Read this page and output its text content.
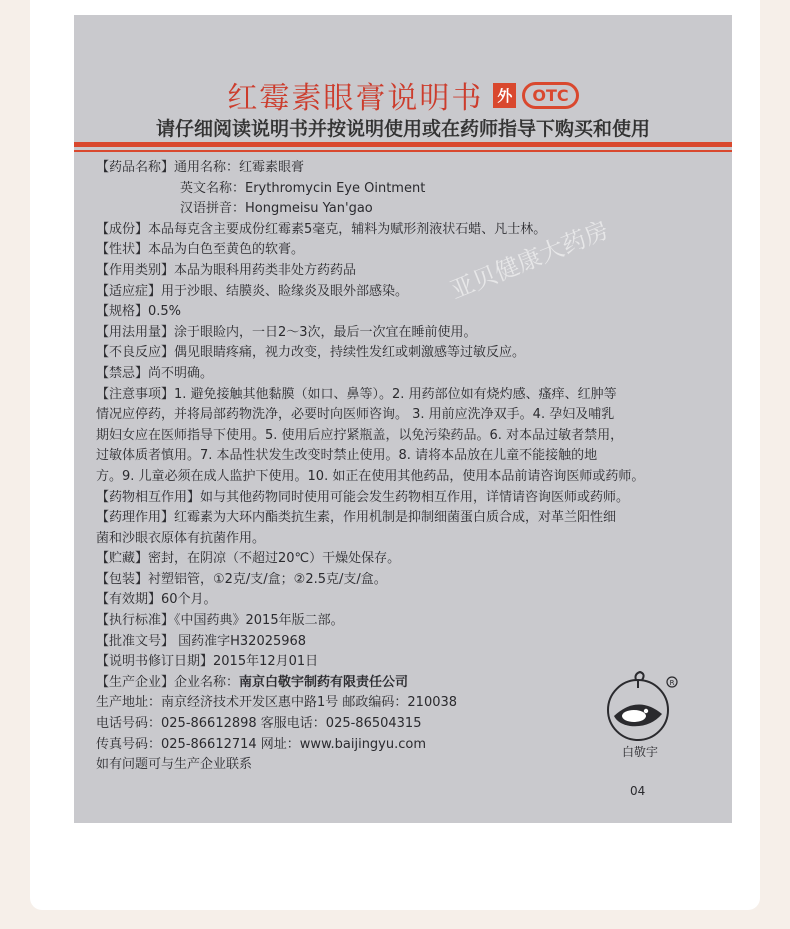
红霉素眼膏说明书 外 OTC
请仔细阅读说明书并按说明使用或在药师指导下购买和使用
亚贝健康大药房
【药品名称】通用名称：红霉素眼膏
英文名称：Erythromycin Eye Ointment
汉语拼音：Hongmeisu Yan'gao
【成份】本品每克含主要成份红霉素5毫克，辅料为赋形剂液状石蜡、凡士林。
【性状】本品为白色至黄色的软膏。
【作用类别】本品为眼科用药类非处方药药品
【适应症】用于沙眼、结膜炎、睑缘炎及眼外部感染。
【规格】0.5%
【用法用量】涂于眼睑内，一日2～3次，最后一次宜在睡前使用。
【不良反应】偶见眼睛疼痛，视力改变，持续性发红或刺激感等过敏反应。
【禁忌】尚不明确。
【注意事项】1. 避免接触其他黏膜（如口、鼻等）。2. 用药部位如有烧灼感、瘙痒、红肿等
情况应停药，并将局部药物洗净，必要时向医师咨询。 3. 用前应洗净双手。4. 孕妇及哺乳
期妇女应在医师指导下使用。5. 使用后应拧紧瓶盖，以免污染药品。6. 对本品过敏者禁用，
过敏体质者慎用。7. 本品性状发生改变时禁止使用。8. 请将本品放在儿童不能接触的地
方。9. 儿童必须在成人监护下使用。10. 如正在使用其他药品，使用本品前请咨询医师或药师。
【药物相互作用】如与其他药物同时使用可能会发生药物相互作用，详情请咨询医师或药师。
【药理作用】红霉素为大环内酯类抗生素，作用机制是抑制细菌蛋白质合成，对革兰阳性细
菌和沙眼衣原体有抗菌作用。
【贮藏】密封，在阴凉（不超过20℃）干燥处保存。
【包装】衬塑铝管，①2克/支/盒；②2.5克/支/盒。
【有效期】60个月。
【执行标准】《中国药典》2015年版二部。
【批准文号】 国药准字H32025968
【说明书修订日期】2015年12月01日
【生产企业】企业名称：南京白敬宇制药有限责任公司
生产地址：南京经济技术开发区惠中路1号 邮政编码：210038
电话号码：025-86612898 客服电话：025-86504315
传真号码：025-86612714 网址：www.baijingyu.com
如有问题可与生产企业联系
R
白敬宇
04
